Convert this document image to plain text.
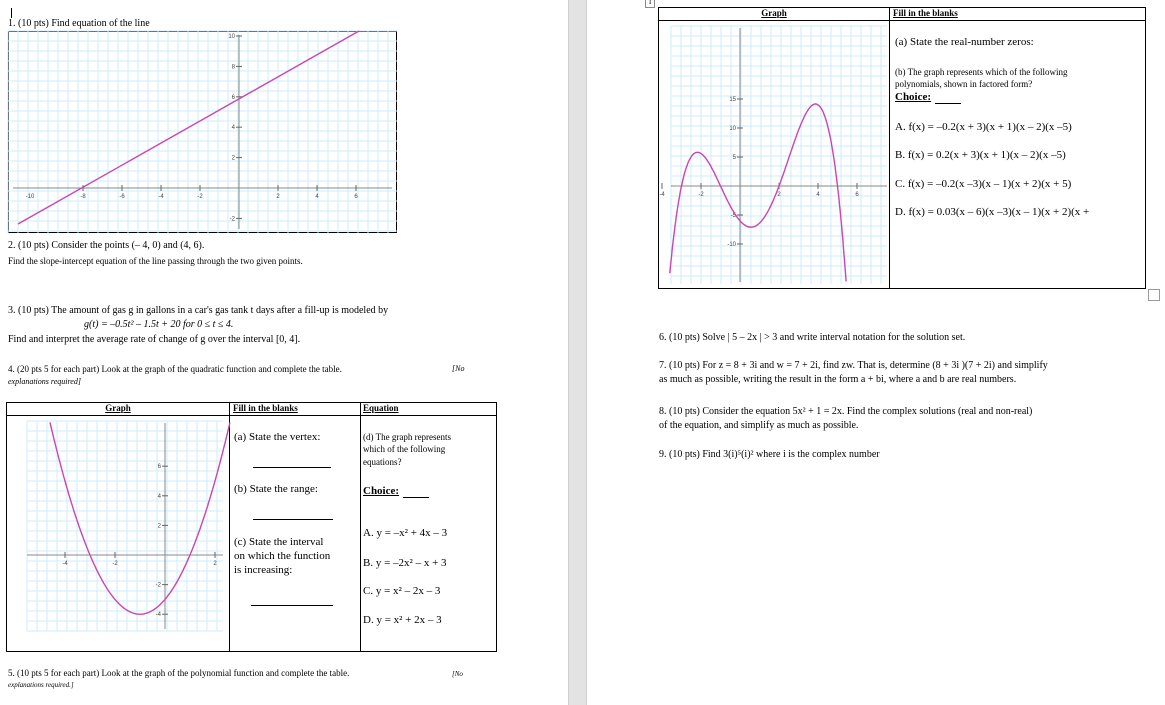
1. (10 pts) Find equation of the line
-8	-6	-4	-2	2	4	6
10
8
6
4
2
-2
-10
2. (10 pts) Consider the points (– 4, 0) and (4, 6).
Find the slope-intercept equation of the line passing through the two given points.
3. (10 pts) The amount of gas g in gallons in a car's gas tank t days after a fill-up is modeled by
g(t) = –0.5t² – 1.5t + 20 for 0 ≤ t ≤ 4.
Find and interpret the average rate of change of g over the interval [0, 4].
4. (20 pts 5 for each part) Look at the graph of the quadratic function and complete the table.	[No
explanations required]
Graph	Fill in the blanks	Equation
-4	-2	2
6
4
2
-2
-4
(a) State the vertex:
(b) State the range:
(c) State the interval
on which the function
is increasing:
(d) The graph represents
which of the following
equations?
Choice:
A. y = –x² + 4x – 3
B. y = –2x² – x + 3
C. y = x² – 2x – 3
D. y = x² + 2x – 3
5. (10 pts 5 for each part) Look at the graph of the polynomial function and complete the table.	[No
explanations required.]
T
Graph	Fill in the blanks
-4	-2	2	4	6
15
10
5
-5
-10
(a) State the real-number zeros:
(b) The graph represents which of the following
polynomials, shown in factored form?
Choice:
A. f(x) = –0.2(x + 3)(x + 1)(x – 2)(x –5)
B. f(x) = 0.2(x + 3)(x + 1)(x – 2)(x –5)
C. f(x) = –0.2(x –3)(x – 1)(x + 2)(x + 5)
D. f(x) = 0.03(x – 6)(x –3)(x – 1)(x + 2)(x +
6. (10 pts) Solve | 5 – 2x | > 3 and write interval notation for the solution set.
7. (10 pts) For z = 8 + 3i and w = 7 + 2i, find zw. That is, determine (8 + 3i )(7 + 2i) and simplify
as much as possible, writing the result in the form a + bi, where a and b are real numbers.
8. (10 pts) Consider the equation 5x² + 1 = 2x. Find the complex solutions (real and non-real)
of the equation, and simplify as much as possible.
9. (10 pts) Find 3(i)⁵(i)² where i is the complex number
